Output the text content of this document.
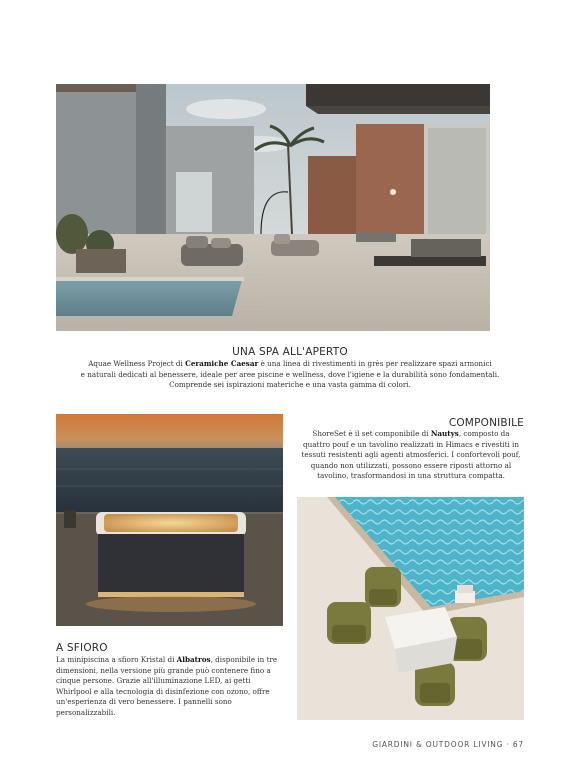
UNA SPA ALL'APERTO
Aquae Wellness Project di Ceramiche Caesar è una linea di rivestimenti in grès per realizzare spazi armonici
e naturali dedicati al benessere, ideale per aree piscine e wellness, dove l'igiene e la durabilità sono fondamentali.
Comprende sei ispirazioni materiche e una vasta gamma di colori.
COMPONIBILE
ShoreSet è il set componibile di Nautys, composto da quattro pouf e un tavolino realizzati in Himacs e rivestiti in tessuti resistenti agli agenti atmosferici. I confortevoli pouf, quando non utilizzati, possono essere riposti attorno al tavolino, trasformandosi in una struttura compatta.
A SFIORO
La minipiscina a sfioro Kristal di Albatros, disponibile in tre dimensioni, nella versione più grande può contenere fino a cinque persone. Grazie all'illuminazione LED, ai getti Whirlpool e alla tecnologia di disinfezione con ozono, offre un'esperienza di vero benessere. I pannelli sono personalizzabili.
GIARDINI & OUTDOOR LIVING · 67
